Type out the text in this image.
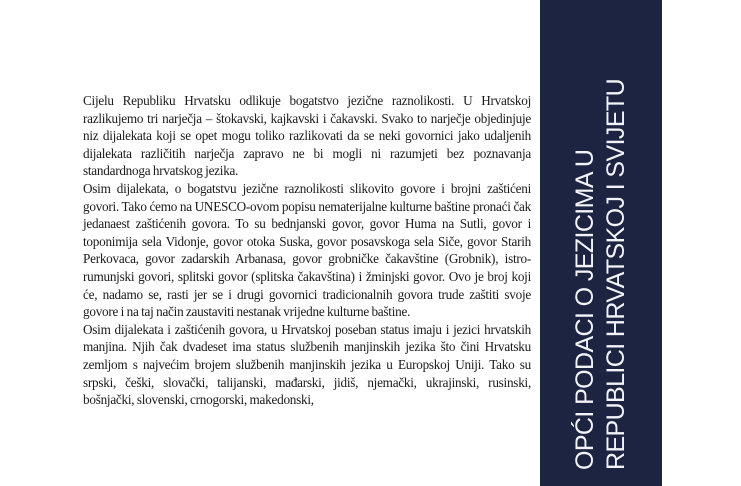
Cijelu Republiku Hrvatsku odlikuje bogatstvo jezične raznolikosti. U Hrvatskoj razlikujemo tri narječja – štokavski, kajkavski i čakavski. Svako to narječje objedinjuje niz dijalekata koji se opet mogu toliko razlikovati da se neki govornici jako udaljenih dijalekata različitih narječja zapravo ne bi mogli ni razumjeti bez poznavanja standardnoga hrvatskog jezika.

Osim dijalekata, o bogatstvu jezične raznolikosti slikovito govore i brojni zaštićeni govori. Tako ćemo na UNESCO-ovom popisu nematerijalne kulturne baštine pronaći čak jedanaest zaštićenih govora. To su bednjanski govor, govor Huma na Sutli, govor i toponimija sela Vidonje, govor otoka Suska, govor posavskoga sela Siče, govor Starih Perkovaca, govor zadarskih Arbanasa, govor grobničke čakavštine (Grobnik), istro-rumunjski govori, splitski govor (splitska čakavština) i žminjski govor. Ovo je broj koji će, nadamo se, rasti jer se i drugi govornici tradicionalnih govora trude zaštiti svoje govore i na taj način zaustaviti nestanak vrijedne kulturne baštine.

Osim dijalekata i zaštićenih govora, u Hrvatskoj poseban status imaju i jezici hrvatskih manjina. Njih čak dvadeset ima status službenih manjinskih jezika što čini Hrvatsku zemljom s najvećim brojem službenih manjinskih jezika u Europskoj Uniji. Tako su srpski, češki, slovački, talijanski, mađarski, jidiš, njemački, ukrajinski, rusinski, bošnjački, slovenski, crnogorski, makedonski,	OPĆI PODACI O JEZICIMA U REPUBLICI HRVATSKOJ I SVIJETU
